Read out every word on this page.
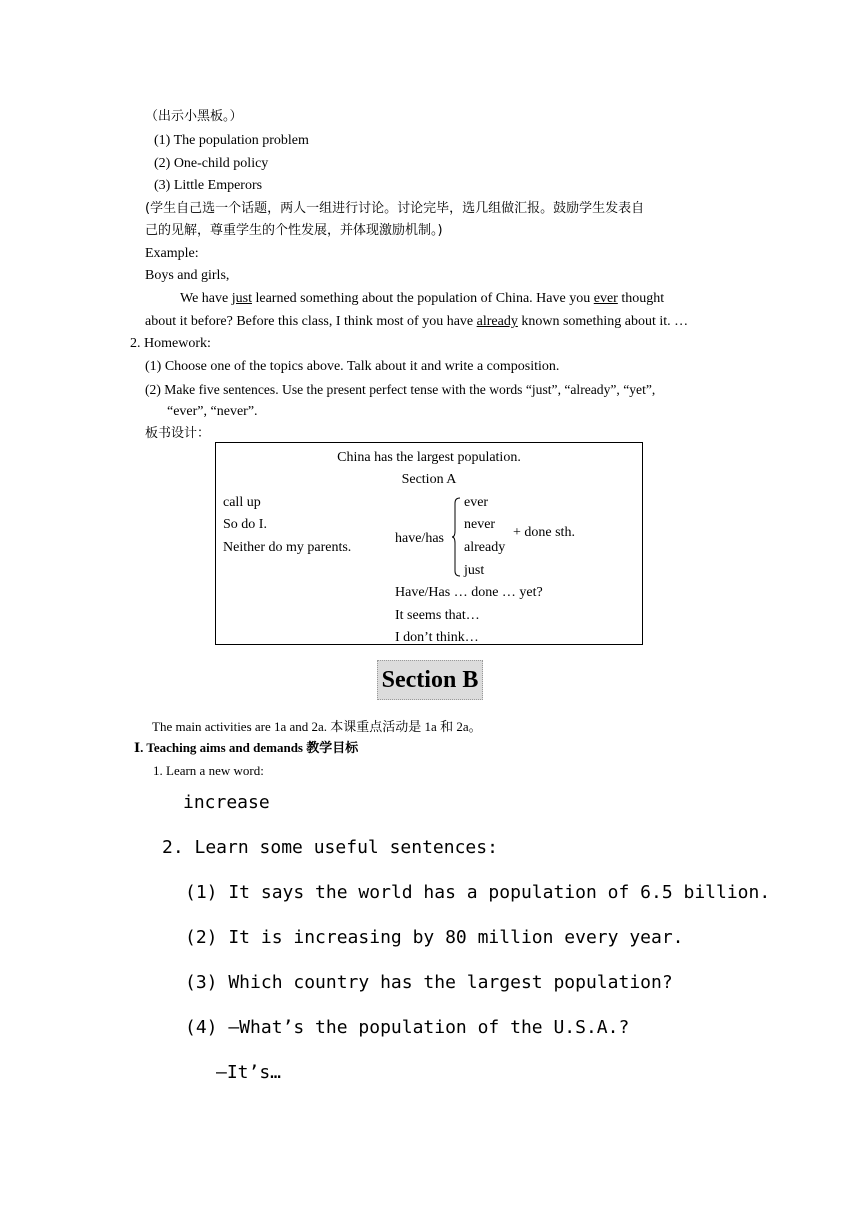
（出示小黑板。）
(1) The population problem
(2) One-child policy
(3) Little Emperors
(学生自己选一个话题，两人一组进行讨论。讨论完毕，选几组做汇报。鼓励学生发表自
己的见解，尊重学生的个性发展，并体现激励机制。)
Example:
Boys and girls,
We have just learned something about the population of China. Have you ever thought
about it before? Before this class, I think most of you have already known something about it. …
2. Homework:
(1) Choose one of the topics above. Talk about it and write a composition.
(2) Make five sentences. Use the present perfect tense with the words “just”, “already”, “yet”,
“ever”, “never”.
板书设计：
China has the largest population.
Section A
call up
So do I.
Neither do my parents.
have/has
ever
never
already
just
+ done sth.
Have/Has … done … yet?
It seems that…
I don’t think…
Section B
The main activities are 1a and 2a. 本课重点活动是 1a 和 2a。
Ⅰ. Teaching aims and demands 教学目标
1. Learn a new word:
increase
2. Learn some useful sentences:
(1) It says the world has a population of 6.5 billion.
(2) It is increasing by 80 million every year.
(3) Which country has the largest population?
(4) —What’s the population of the U.S.A.?
—It’s…
